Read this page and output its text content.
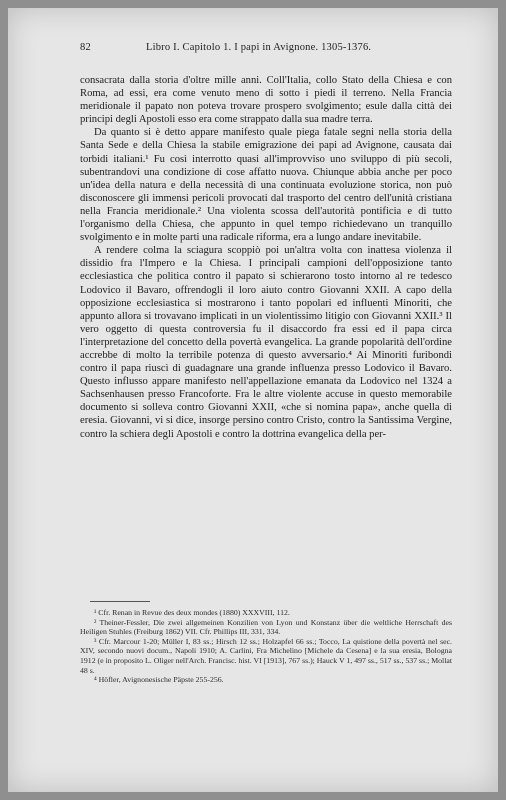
82	Libro I. Capitolo 1. I papi in Avignone. 1305-1376.

consacrata dalla storia d'oltre mille anni. Coll'Italia, collo Stato della Chiesa e con Roma, ad essi, era come venuto meno di sotto i piedi il terreno. Nella Francia meridionale il papato non poteva trovare prospero svolgimento; esule dalla città dei principi degli Apostoli esso era come strappato dalla sua madre terra.

Da quanto si è detto appare manifesto quale piega fatale segni nella storia della Santa Sede e della Chiesa la stabile emigrazione dei papi ad Avignone, causata dai torbidi italiani.¹ Fu così interrotto quasi all'improvviso uno sviluppo di più secoli, subentrandovi una condizione di cose affatto nuova. Chiunque abbia anche per poco un'idea della natura e della necessità di una continuata evoluzione storica, non può disconoscere gli immensi pericoli provocati dal trasporto del centro dell'unità cristiana nella Francia meridionale.² Una violenta scossa dell'autorità pontificia e di tutto l'organismo della Chiesa, che appunto in quel tempo richiedevano un tranquillo svolgimento e in molte parti una radicale riforma, era a lungo andare inevitabile.

A rendere colma la sciagura scoppiò poi un'altra volta con inattesa violenza il dissidio fra l'Impero e la Chiesa. I principali campioni dell'opposizione tanto ecclesiastica che politica contro il papato si schierarono tosto intorno al re tedesco Lodovico il Bavaro, offrendogli il loro aiuto contro Giovanni XXII. A capo della opposizione ecclesiastica si mostrarono i tanto popolari ed influenti Minoriti, che appunto allora si trovavano implicati in un violentissimo litigio con Giovanni XXII.³ Il vero oggetto di questa controversia fu il disaccordo fra essi ed il papa circa l'interpretazione del concetto della povertà evangelica. La grande popolarità dell'ordine accrebbe di molto la terribile potenza di questo avversario.⁴ Ai Minoriti furibondi contro il papa riuscì di guadagnare una grande influenza presso Lodovico il Bavaro. Questo influsso appare manifesto nell'appellazione emanata da Lodovico nel 1324 a Sachsenhausen presso Francoforte. Fra le altre violente accuse in questo memorabile documento si solleva contro Giovanni XXII, «che si nomina papa», anche quella di eresia. Giovanni, vi si dice, insorge persino contro Cristo, contro la Santissima Vergine, contro la schiera degli Apostoli e contro la dottrina evangelica della per-

¹ Cfr. Renan in Revue des deux mondes (1880) XXXVIII, 112.

² Theiner-Fessler, Die zwei allgemeinen Konzilien von Lyon und Konstanz über die weltliche Herrschaft des Heiligen Stuhles (Freiburg 1862) VII. Cfr. Phillips III, 331, 334.

³ Cfr. Marcour 1-20; Müller I, 83 ss.; Hirsch 12 ss.; Holzapfel 66 ss.; Tocco, La quistione della povertà nel sec. XIV, secondo nuovi docum., Napoli 1910; A. Carlini, Fra Michelino [Michele da Cesena] e la sua eresia, Bologna 1912 (e in proposito L. Oliger nell'Arch. Francisc. hist. VI [1913], 767 ss.); Hauck V 1, 497 ss., 517 ss., 537 ss.; Mollat 48 s.

⁴ Höfler, Avignonesische Päpste 255-256.
